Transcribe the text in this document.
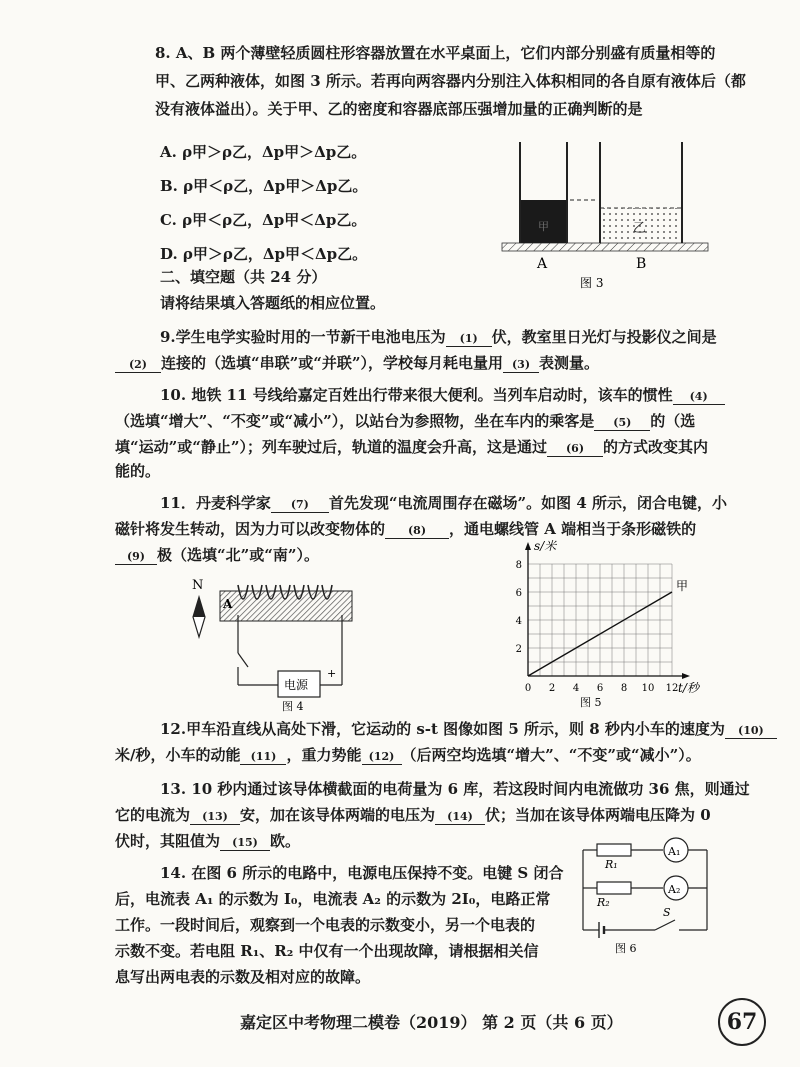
8. A、B 两个薄壁轻质圆柱形容器放置在水平桌面上，它们内部分别盛有质量相等的
甲、乙两种液体，如图 3 所示。若再向两容器内分别注入体积相同的各自原有液体后（都
没有液体溢出）。关于甲、乙的密度和容器底部压强增加量的正确判断的是
A. ρ甲＞ρ乙，Δp甲＞Δp乙。
B. ρ甲＜ρ乙，Δp甲＞Δp乙。
C. ρ甲＜ρ乙，Δp甲＜Δp乙。
D. ρ甲＞ρ乙，Δp甲＜Δp乙。
甲	乙
A	B
图 3
二、填空题（共 24 分）
请将结果填入答题纸的相应位置。
9.学生电学实验时用的一节新干电池电压为 (1) 伏，教室里日光灯与投影仪之间是
(2) 连接的（选填“串联”或“并联”），学校每月耗电量用 (3) 表测量。
10. 地铁 11 号线给嘉定百姓出行带来很大便利。当列车启动时，该车的惯性 (4)
（选填“增大”、“不变”或“减小”），以站台为参照物，坐在车内的乘客是 (5) 的（选
填“运动”或“静止”）；列车驶过后，轨道的温度会升高，这是通过 (6) 的方式改变其内
能的。
11．丹麦科学家 (7) 首先发现“电流周围存在磁场”。如图 4 所示，闭合电键，小
磁针将发生转动，因为力可以改变物体的 (8) ，通电螺线管 A 端相当于条形磁铁的
(9) 极（选填“北”或“南”）。
N
A
电源
+
图 4
s/米
t/秒
0 2 4 6 8 10 12
2
4
6
8
甲
图 5
12.甲车沿直线从高处下滑，它运动的 s-t 图像如图 5 所示，则 8 秒内小车的速度为 (10)
米/秒，小车的动能 (11) ，重力势能 (12) （后两空均选填“增大”、“不变”或“减小”）。
13. 10 秒内通过该导体横截面的电荷量为 6 库，若这段时间内电流做功 36 焦，则通过
它的电流为 (13) 安，加在该导体两端的电压为 (14) 伏；当加在该导体两端电压降为 0
伏时，其阻值为 (15) 欧。
14. 在图 6 所示的电路中，电源电压保持不变。电键 S 闭合
后，电流表 A₁ 的示数为 I₀，电流表 A₂ 的示数为 2I₀，电路正常
工作。一段时间后，观察到一个电表的示数变小，另一个电表的
示数不变。若电阻 R₁、R₂ 中仅有一个出现故障，请根据相关信
息写出两电表的示数及相对应的故障。
R₁
A₁
R₂
A₂
S
图 6
嘉定区中考物理二模卷（2019） 第 2 页（共 6 页）	67
